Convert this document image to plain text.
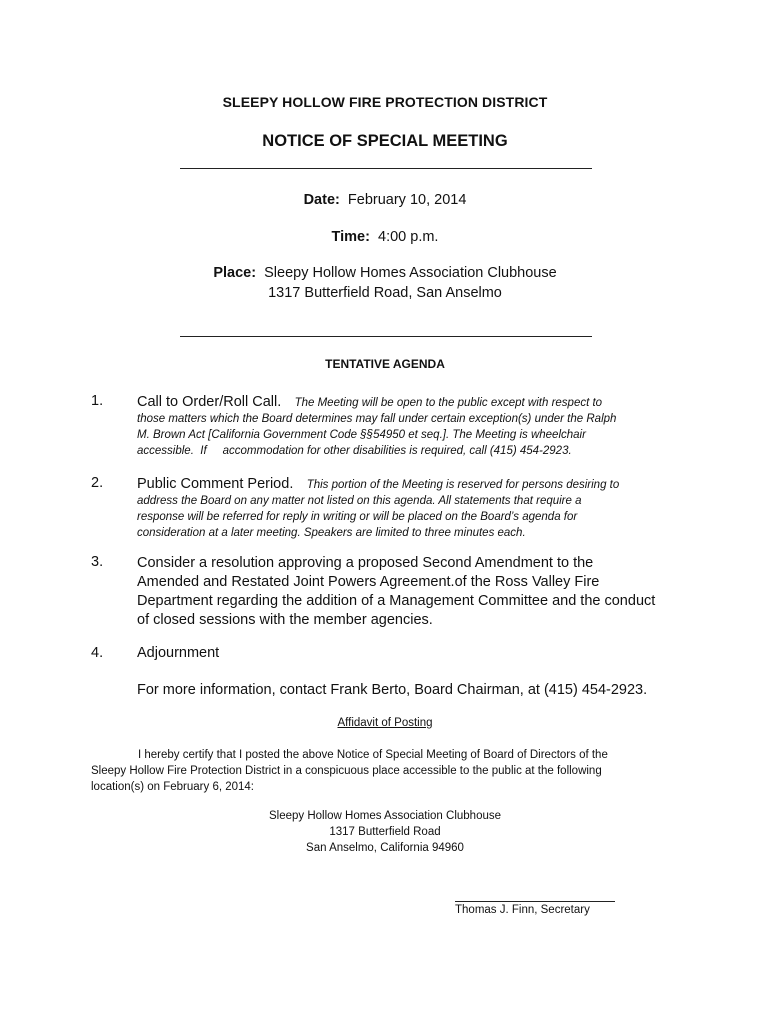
SLEEPY HOLLOW FIRE PROTECTION DISTRICT
NOTICE OF SPECIAL MEETING
Date: February 10, 2014
Time: 4:00 p.m.
Place: Sleepy Hollow Homes Association Clubhouse
1317 Butterfield Road, San Anselmo
TENTATIVE AGENDA
1. Call to Order/Roll Call. The Meeting will be open to the public except with respect to
those matters which the Board determines may fall under certain exception(s) under the Ralph
M. Brown Act [California Government Code §§54950 et seq.]. The Meeting is wheelchair
accessible.  If     accommodation for other disabilities is required, call (415) 454-2923.
2. Public Comment Period. This portion of the Meeting is reserved for persons desiring to
address the Board on any matter not listed on this agenda. All statements that require a
response will be referred for reply in writing or will be placed on the Board’s agenda for
consideration at a later meeting. Speakers are limited to three minutes each.
3. Consider a resolution approving a proposed Second Amendment to the
Amended and Restated Joint Powers Agreement.of the Ross Valley Fire
Department regarding the addition of a Management Committee and the conduct
of closed sessions with the member agencies.
4. Adjournment
For more information, contact Frank Berto, Board Chairman, at (415) 454-2923.
Affidavit of Posting
I hereby certify that I posted the above Notice of Special Meeting of Board of Directors of the
Sleepy Hollow Fire Protection District in a conspicuous place accessible to the public at the following
location(s) on February 6, 2014:
Sleepy Hollow Homes Association Clubhouse
1317 Butterfield Road
San Anselmo, California 94960
Thomas J. Finn, Secretary
